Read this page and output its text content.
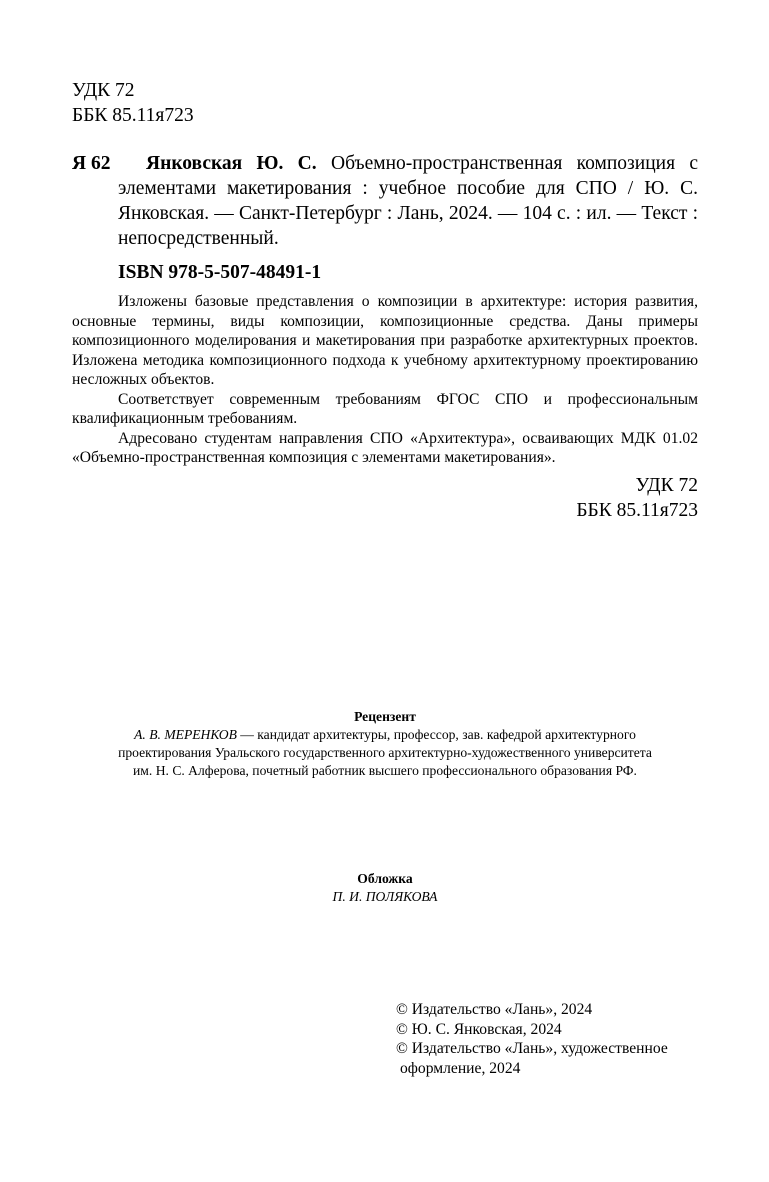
УДК 72
ББК 85.11я723
Я 62	Янковская Ю. С. Объемно-пространственная композиция с элементами макетирования : учебное пособие для СПО / Ю. С. Янковская. — Санкт-Петербург : Лань, 2024. — 104 с. : ил. — Текст : непосредственный.
ISBN 978-5-507-48491-1

Изложены базовые представления о композиции в архитектуре: история развития, основные термины, виды композиции, композиционные средства. Даны примеры композиционного моделирования и макетирования при разработке архитектурных проектов. Изложена методика композиционного подхода к учебному архитектурному проектированию несложных объектов.

Соответствует современным требованиям ФГОС СПО и профессиональным квалификационным требованиям.

Адресовано студентам направления СПО «Архитектура», осваивающих МДК 01.02 «Объемно-пространственная композиция с элементами макетирования».

УДК 72
ББК 85.11я723
Рецензент
А. В. МЕРЕНКОВ — кандидат архитектуры, профессор, зав. кафедрой архитектурного
проектирования Уральского государственного архитектурно-художественного университета
им. Н. С. Алферова, почетный работник высшего профессионального образования РФ.
Обложка
П. И. ПОЛЯКОВА
© Издательство «Лань», 2024
© Ю. С. Янковская, 2024
© Издательство «Лань», художественное
оформление, 2024
